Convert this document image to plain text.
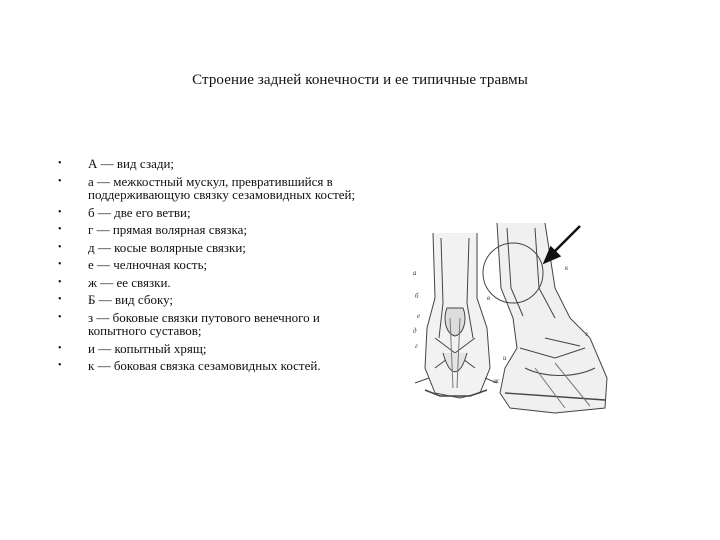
Строение задней конечности и ее типичные травмы
• А — вид сзади;
• а — межкостный мускул, превратившийся в поддерживающую связку сезамовидных костей;
• б — две его ветви;
• г — прямая волярная связка;
• д — косые волярные связки;
• е — челночная кость;
• ж — ее связки.
• Б — вид сбоку;
• з — боковые связки путового венечного и копытного суставов;
• и — копытный хрящ;
• к — боковая связка сезамовидных костей.
а
б	в
г
д
е
ж
з
и
к
